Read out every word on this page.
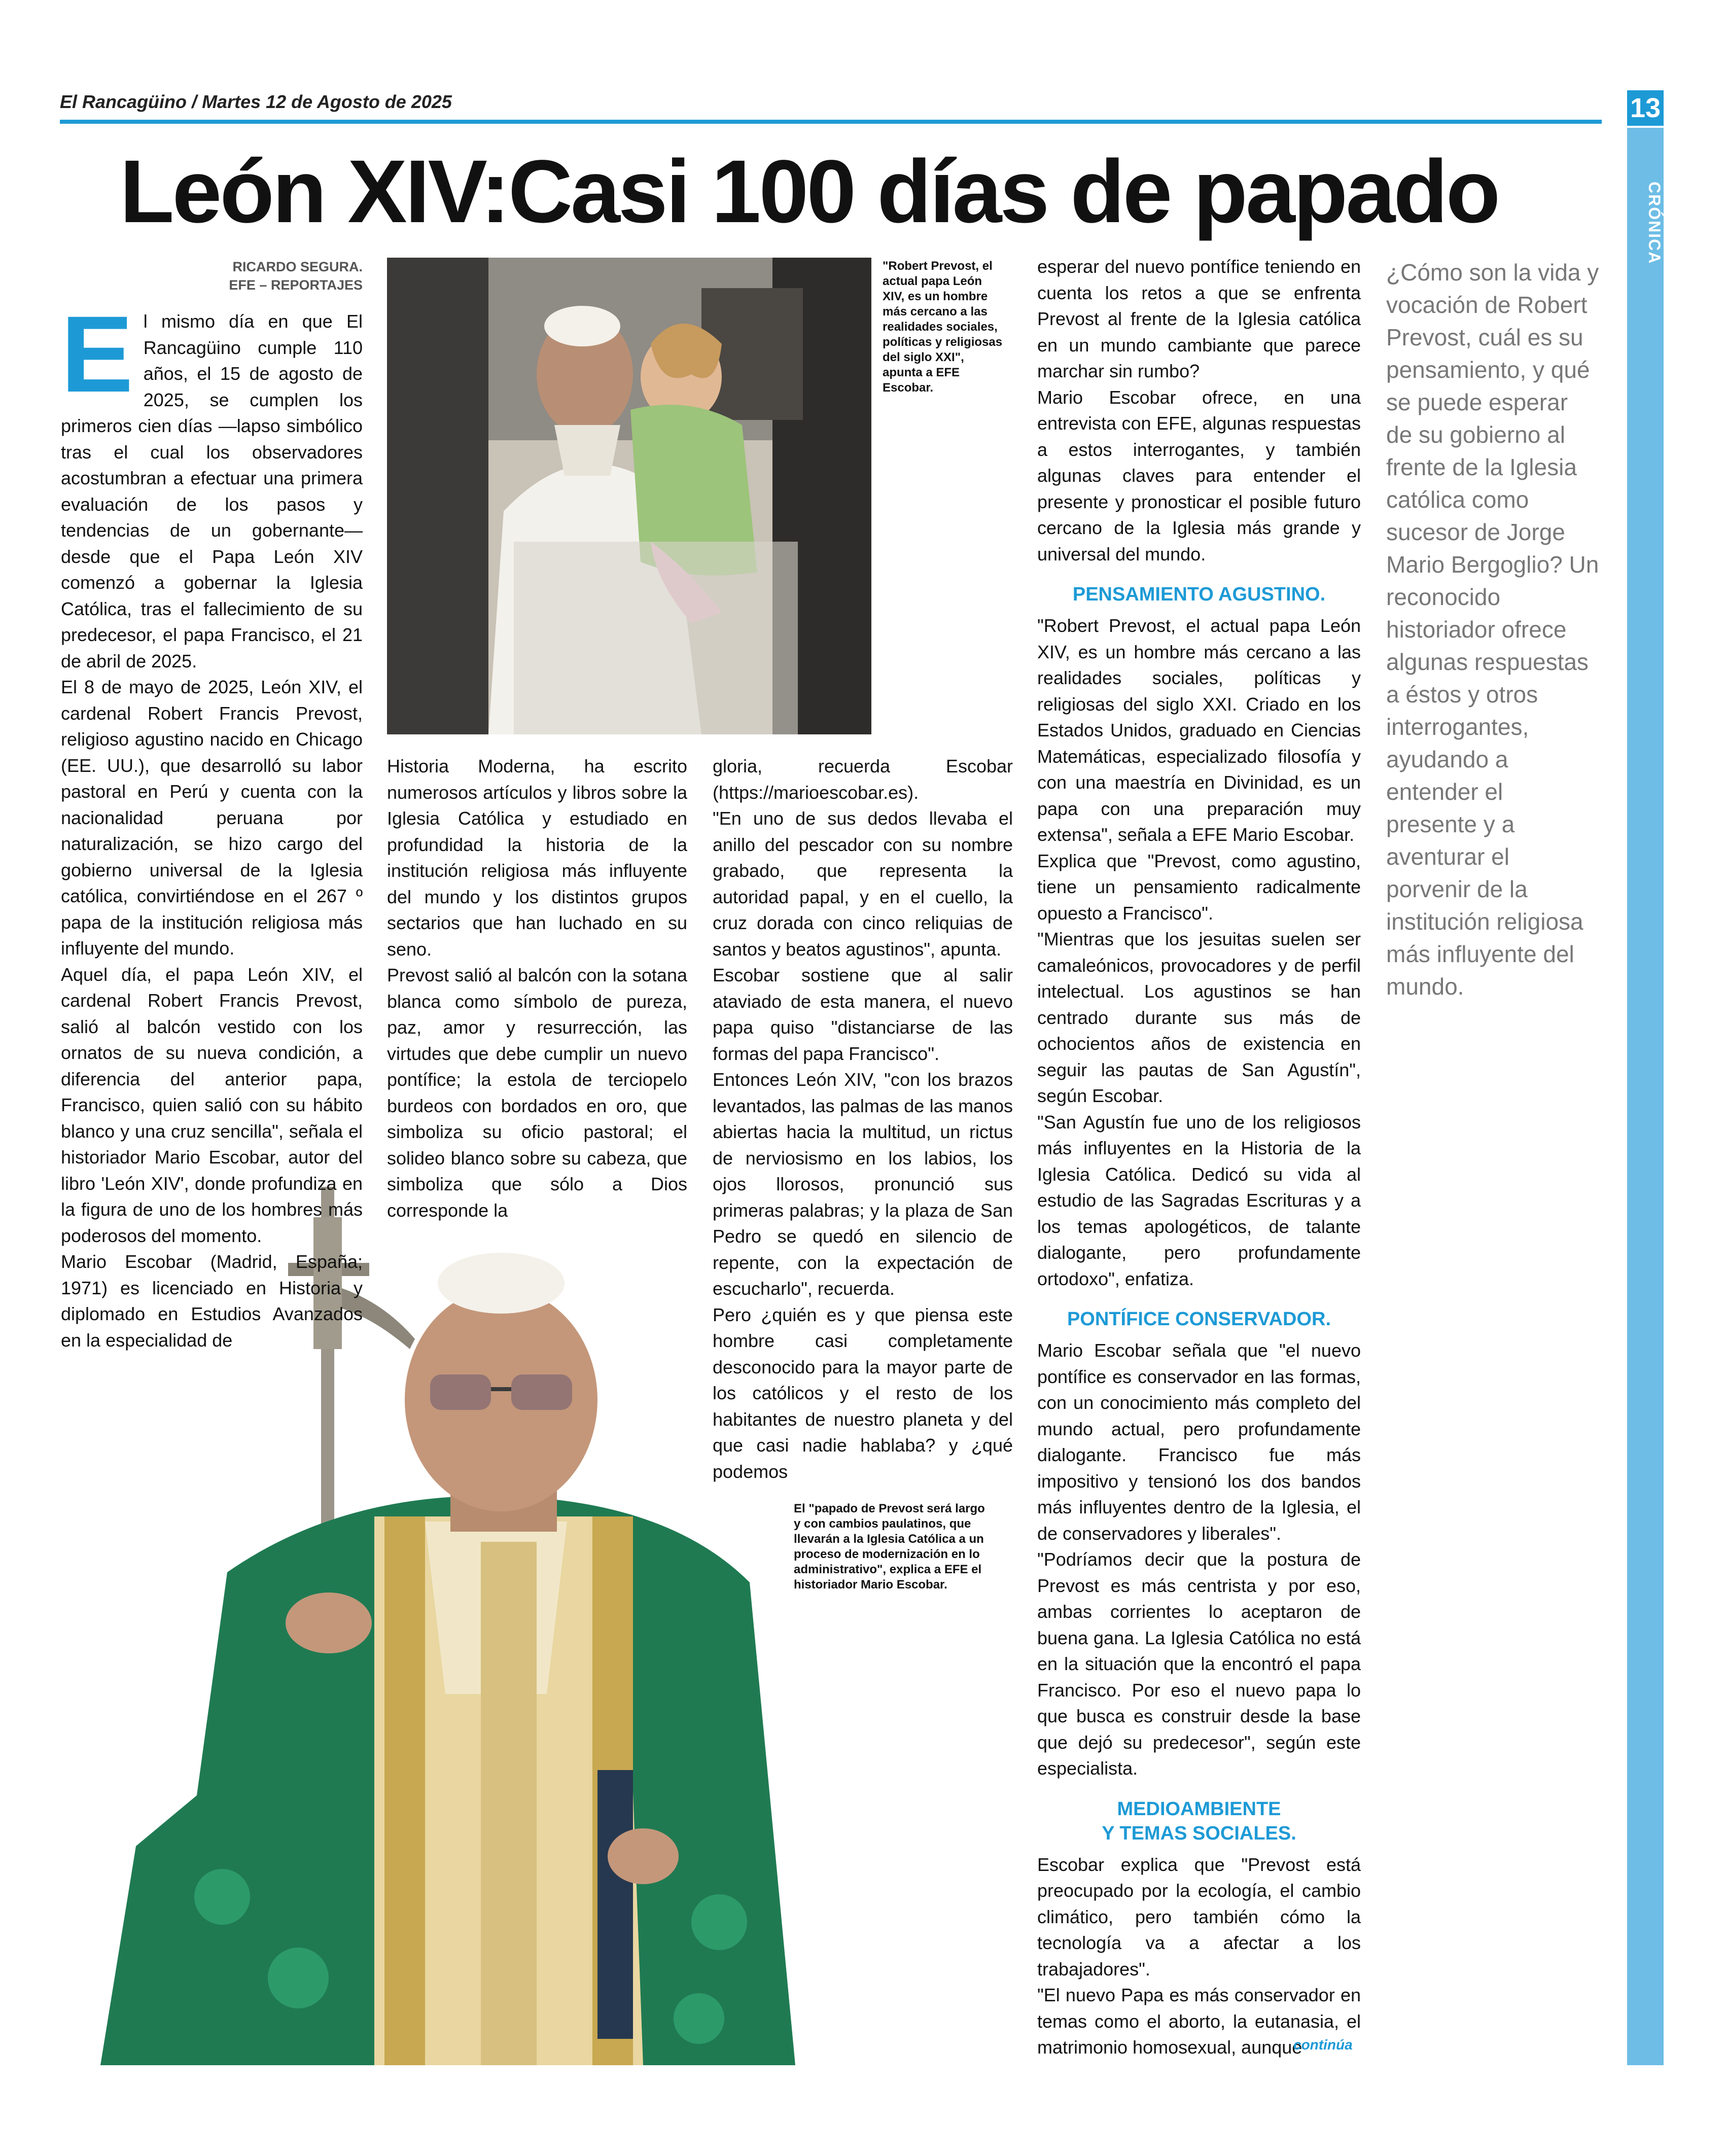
El Rancagüino / Martes 12 de Agosto de 2025	13
CRÓNICA
León XIV:Casi 100 días de papado
RICARDO SEGURA.
EFE – REPORTAJES
"Robert Prevost, el actual papa León XIV, es un hombre más cercano a las realidades sociales, políticas y religiosas del siglo XXI", apunta a EFE Escobar.
El "papado de Prevost será largo y con cambios paulatinos, que llevarán a la Iglesia Católica a un proceso de modernización en lo administrativo", explica a EFE el historiador Mario Escobar.

El mismo día en que El Rancagüino cumple 110 años, el 15 de agosto de 2025, se cumplen los primeros cien días —lapso simbólico tras el cual los observadores acostumbran a efectuar una primera evaluación de los pasos y tendencias de un gobernante— desde que el Papa León XIV comenzó a gobernar la Iglesia Católica, tras el fallecimiento de su predecesor, el papa Francisco, el 21 de abril de 2025.

El 8 de mayo de 2025, León XIV, el cardenal Robert Francis Prevost, religioso agustino nacido en Chicago (EE. UU.), que desarrolló su labor pastoral en Perú y cuenta con la nacionalidad peruana por naturalización, se hizo cargo del gobierno universal de la Iglesia católica, convirtiéndose en el 267 º papa de la institución religiosa más influyente del mundo.

Aquel día, el papa León XIV, el cardenal Robert Francis Prevost, salió al balcón vestido con los ornatos de su nueva condición, a diferencia del anterior papa, Francisco, quien salió con su hábito blanco y una cruz sencilla", señala el historiador Mario Escobar, autor del libro 'León XIV', donde profundiza en la figura de uno de los hombres más poderosos del momento.

Mario Escobar (Madrid, España; 1971) es licenciado en Historia y diplomado en Estudios Avanzados en la especialidad de

Historia Moderna, ha escrito numerosos artículos y libros sobre la Iglesia Católica y estudiado en profundidad la historia de la institución religiosa más influyente del mundo y los distintos grupos sectarios que han luchado en su seno.

Prevost salió al balcón con la sotana blanca como símbolo de pureza, paz, amor y resurrección, las virtudes que debe cumplir un nuevo pontífice; la estola de terciopelo burdeos con bordados en oro, que simboliza su oficio pastoral; el solideo blanco sobre su cabeza, que simboliza que sólo a Dios corresponde la

gloria, recuerda Escobar (https://marioescobar.es).

"En uno de sus dedos llevaba el anillo del pescador con su nombre grabado, que representa la autoridad papal, y en el cuello, la cruz dorada con cinco reliquias de santos y beatos agustinos", apunta.

Escobar sostiene que al salir ataviado de esta manera, el nuevo papa quiso "distanciarse de las formas del papa Francisco".

Entonces León XIV, "con los brazos levantados, las palmas de las manos abiertas hacia la multitud, un rictus de nerviosismo en los labios, los ojos llorosos, pronunció sus primeras palabras; y la plaza de San Pedro se quedó en silencio de repente, con la expectación de escucharlo", recuerda.

Pero ¿quién es y que piensa este hombre casi completamente desconocido para la mayor parte de los católicos y el resto de los habitantes de nuestro planeta y del que casi nadie hablaba? y ¿qué podemos

esperar del nuevo pontífice teniendo en cuenta los retos a que se enfrenta Prevost al frente de la Iglesia católica en un mundo cambiante que parece marchar sin rumbo?

Mario Escobar ofrece, en una entrevista con EFE, algunas respuestas a estos interrogantes, y también algunas claves para entender el presente y pronosticar el posible futuro cercano de la Iglesia más grande y universal del mundo.

PENSAMIENTO AGUSTINO.

"Robert Prevost, el actual papa León XIV, es un hombre más cercano a las realidades sociales, políticas y religiosas del siglo XXI. Criado en los Estados Unidos, graduado en Ciencias Matemáticas, especializado filosofía y con una maestría en Divinidad, es un papa con una preparación muy extensa", señala a EFE Mario Escobar.

Explica que "Prevost, como agustino, tiene un pensamiento radicalmente opuesto a Francisco".

"Mientras que los jesuitas suelen ser camaleónicos, provocadores y de perfil intelectual. Los agustinos se han centrado durante sus más de ochocientos años de existencia en seguir las pautas de San Agustín", según Escobar.

"San Agustín fue uno de los religiosos más influyentes en la Historia de la Iglesia Católica. Dedicó su vida al estudio de las Sagradas Escrituras y a los temas apologéticos, de talante dialogante, pero profundamente ortodoxo", enfatiza.

PONTÍFICE CONSERVADOR.

Mario Escobar señala que "el nuevo pontífice es conservador en las formas, con un conocimiento más completo del mundo actual, pero profundamente dialogante. Francisco fue más impositivo y tensionó los dos bandos más influyentes dentro de la Iglesia, el de conservadores y liberales".

"Podríamos decir que la postura de Prevost es más centrista y por eso, ambas corrientes lo aceptaron de buena gana. La Iglesia Católica no está en la situación que la encontró el papa Francisco. Por eso el nuevo papa lo que busca es construir desde la base que dejó su predecesor", según este especialista.

MEDIOAMBIENTE
Y TEMAS SOCIALES.

Escobar explica que "Prevost está preocupado por la ecología, el cambio climático, pero también cómo la tecnología va a afectar a los trabajadores".

"El nuevo Papa es más conservador en temas como el aborto, la eutanasia, el matrimonio homosexual, aunque

continúa
¿Cómo son la vida y vocación de Robert Prevost, cuál es su pensamiento, y qué se puede esperar de su gobierno al frente de la Iglesia católica como sucesor de Jorge Mario Bergoglio? Un reconocido historiador ofrece algunas respuestas a éstos y otros interrogantes, ayudando a entender el presente y a aventurar el porvenir de la institución religiosa más influyente del mundo.
